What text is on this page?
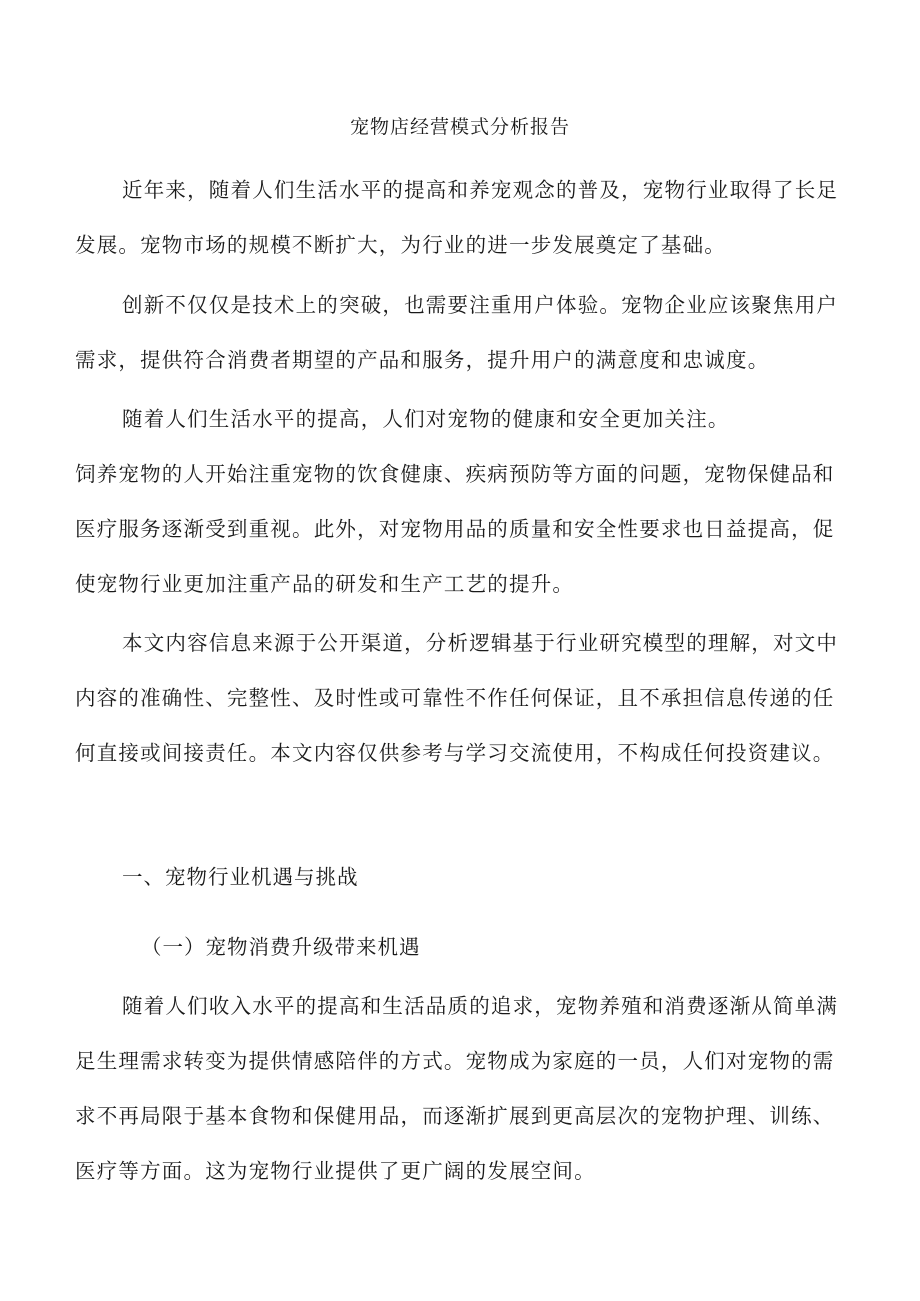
宠物店经营模式分析报告

近年来，随着人们生活水平的提高和养宠观念的普及，宠物行业取得了长足发展。宠物市场的规模不断扩大，为行业的进一步发展奠定了基础。

创新不仅仅是技术上的突破，也需要注重用户体验。宠物企业应该聚焦用户需求，提供符合消费者期望的产品和服务，提升用户的满意度和忠诚度。

随着人们生活水平的提高，人们对宠物的健康和安全更加关注。

饲养宠物的人开始注重宠物的饮食健康、疾病预防等方面的问题，宠物保健品和医疗服务逐渐受到重视。此外，对宠物用品的质量和安全性要求也日益提高，促使宠物行业更加注重产品的研发和生产工艺的提升。

本文内容信息来源于公开渠道，分析逻辑基于行业研究模型的理解，对文中内容的准确性、完整性、及时性或可靠性不作任何保证，且不承担信息传递的任何直接或间接责任。本文内容仅供参考与学习交流使用，不构成任何投资建议。

一、宠物行业机遇与挑战
（一）宠物消费升级带来机遇

随着人们收入水平的提高和生活品质的追求，宠物养殖和消费逐渐从简单满足生理需求转变为提供情感陪伴的方式。宠物成为家庭的一员，人们对宠物的需求不再局限于基本食物和保健用品，而逐渐扩展到更高层次的宠物护理、训练、医疗等方面。这为宠物行业提供了更广阔的发展空间。
